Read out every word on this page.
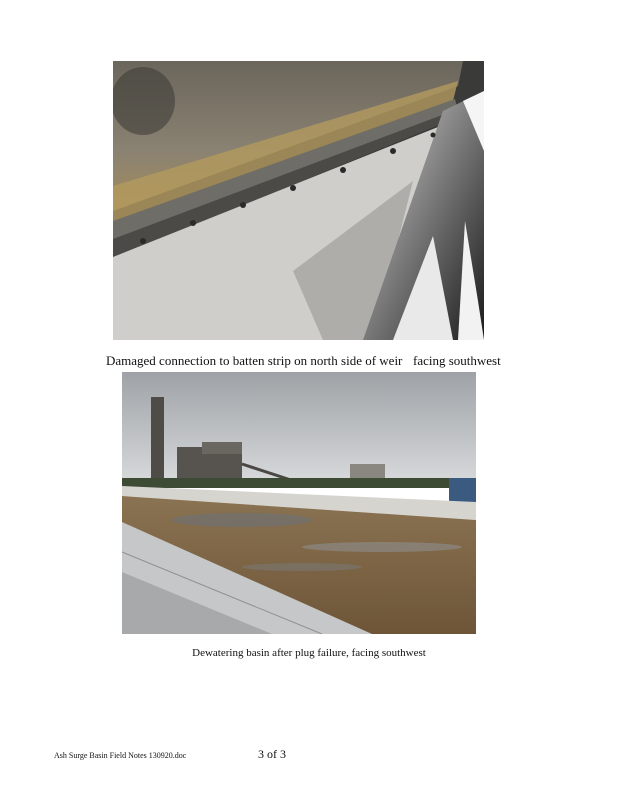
Damaged connection to batten strip on north side of weir facing southwest
Dewatering basin after plug failure, facing southwest
Ash Surge Basin Field Notes 130920.doc	3 of 3
